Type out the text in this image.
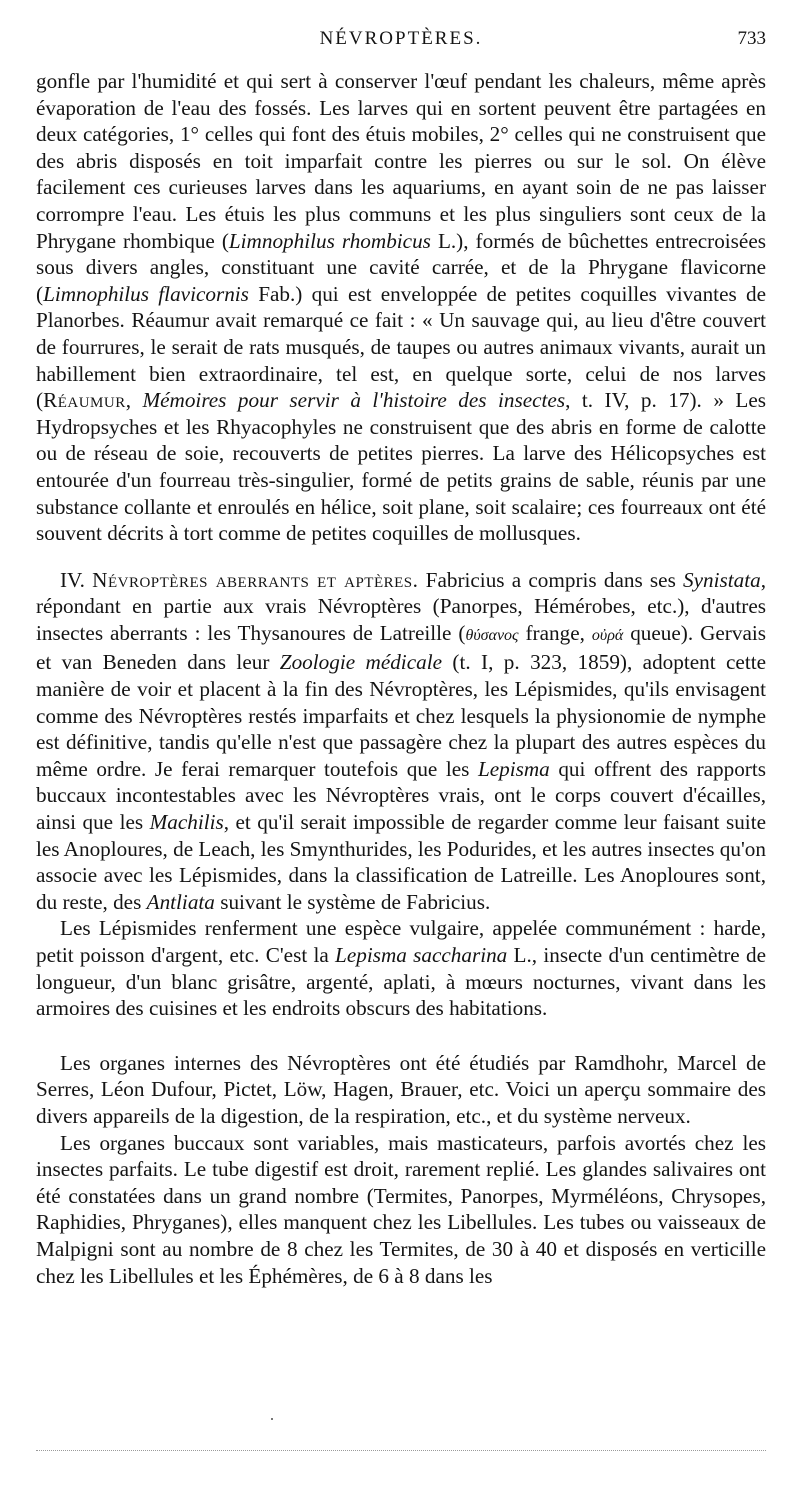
NÉVROPTÈRES.	733

gonfle par l'humidité et qui sert à conserver l'œuf pendant les chaleurs, même après évaporation de l'eau des fossés. Les larves qui en sortent peuvent être partagées en deux catégories, 1° celles qui font des étuis mobiles, 2° celles qui ne construisent que des abris disposés en toit imparfait contre les pierres ou sur le sol. On élève facilement ces curieuses larves dans les aquariums, en ayant soin de ne pas laisser corrompre l'eau. Les étuis les plus communs et les plus singuliers sont ceux de la Phrygane rhombique (Limnophilus rhombicus L.), formés de bûchettes entrecroisées sous divers angles, constituant une cavité carrée, et de la Phrygane flavicorne (Limnophilus flavicornis Fab.) qui est enveloppée de petites coquilles vivantes de Planorbes. Réaumur avait remarqué ce fait : « Un sauvage qui, au lieu d'être couvert de fourrures, le serait de rats musqués, de taupes ou autres animaux vivants, aurait un habillement bien extraordinaire, tel est, en quelque sorte, celui de nos larves (Réaumur, Mémoires pour servir à l'histoire des insectes, t. IV, p. 17). » Les Hydropsyches et les Rhyacophyles ne construisent que des abris en forme de calotte ou de réseau de soie, recouverts de petites pierres. La larve des Hélicopsyches est entourée d'un fourreau très-singulier, formé de petits grains de sable, réunis par une substance collante et enroulés en hélice, soit plane, soit scalaire; ces fourreaux ont été souvent décrits à tort comme de petites coquilles de mollusques.

IV. Névroptères aberrants et aptères. Fabricius a compris dans ses Synistata, répondant en partie aux vrais Névroptères (Panorpes, Hémérobes, etc.), d'autres insectes aberrants : les Thysanoures de Latreille (θύσανος frange, οὐρά queue). Gervais et van Beneden dans leur Zoologie médicale (t. I, p. 323, 1859), adoptent cette manière de voir et placent à la fin des Névroptères, les Lépismides, qu'ils envisagent comme des Névroptères restés imparfaits et chez lesquels la physionomie de nymphe est définitive, tandis qu'elle n'est que passagère chez la plupart des autres espèces du même ordre. Je ferai remarquer toutefois que les Lepisma qui offrent des rapports buccaux incontestables avec les Névroptères vrais, ont le corps couvert d'écailles, ainsi que les Machilis, et qu'il serait impossible de regarder comme leur faisant suite les Anoploures, de Leach, les Smynthurides, les Podurides, et les autres insectes qu'on associe avec les Lépismides, dans la classification de Latreille. Les Anoploures sont, du reste, des Antliata suivant le système de Fabricius.

Les Lépismides renferment une espèce vulgaire, appelée communément : harde, petit poisson d'argent, etc. C'est la Lepisma saccharina L., insecte d'un centimètre de longueur, d'un blanc grisâtre, argenté, aplati, à mœurs nocturnes, vivant dans les armoires des cuisines et les endroits obscurs des habitations.

Les organes internes des Névroptères ont été étudiés par Ramdhohr, Marcel de Serres, Léon Dufour, Pictet, Löw, Hagen, Brauer, etc. Voici un aperçu sommaire des divers appareils de la digestion, de la respiration, etc., et du système nerveux.

Les organes buccaux sont variables, mais masticateurs, parfois avortés chez les insectes parfaits. Le tube digestif est droit, rarement replié. Les glandes salivaires ont été constatées dans un grand nombre (Termites, Panorpes, Myrméléons, Chrysopes, Raphidies, Phryganes), elles manquent chez les Libellules. Les tubes ou vaisseaux de Malpigni sont au nombre de 8 chez les Termites, de 30 à 40 et disposés en verticille chez les Libellules et les Éphémères, de 6 à 8 dans les
